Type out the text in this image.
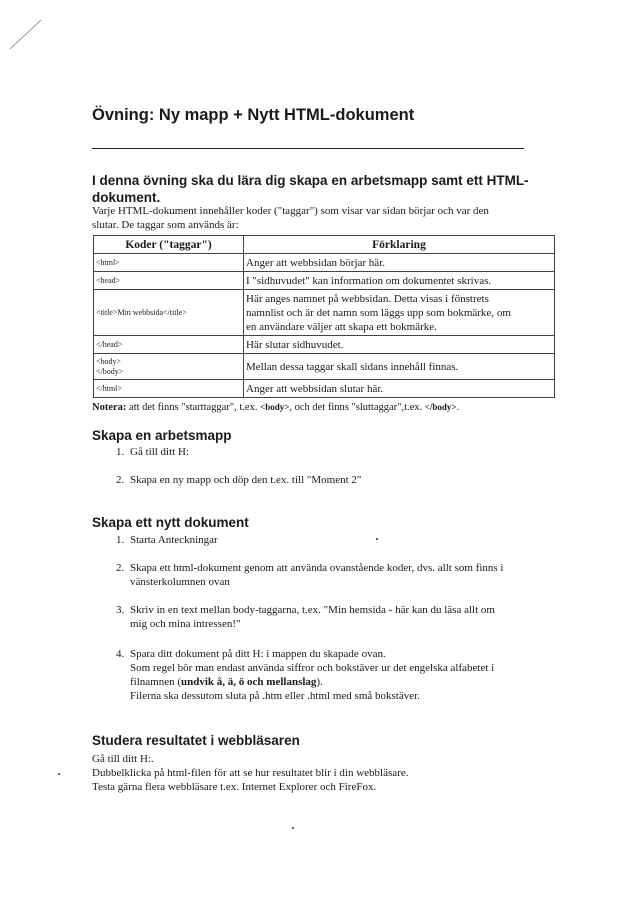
Övning: Ny mapp + Nytt HTML-dokument
I denna övning ska du lära dig skapa en arbetsmapp samt ett HTML-dokument.

Varje HTML-dokument innehåller koder ("taggar") som visar var sidan börjar och var den

slutar. De taggar som används är:

Koder ("taggar")	Förklaring
<html>	Anger att webbsidan börjar här.
<head>	I "sidhuvudet" kan information om dokumentet skrivas.
<title>Min webbsida</title>	Här anges namnet på webbsidan. Detta visas i fönstrets
namnlist och är det namn som läggs upp som bokmärke, om
en användare väljer att skapa ett bokmärke.

</head>	Här slutar sidhuvudet.

<body>
</body>	Mellan dessa taggar skall sidans innehåll finnas.
</html>	Anger att webbsidan slutar här.

Notera: att det finns "starttaggar", t.ex. <body>, och det finns "sluttaggar",t.ex. </body>.

Skapa en arbetsmapp
1. Gå till ditt H:
2. Skapa en ny mapp och döp den t.ex. till "Moment 2"
Skapa ett nytt dokument
1. Starta Anteckningar
2. Skapa ett html-dokument genom att använda ovanstående koder, dvs. allt som finns i
vänsterkolumnen ovan
3. Skriv in en text mellan body-taggarna, t.ex. "Min hemsida - här kan du läsa allt om
mig och mina intressen!"
4. Spara ditt dokument på ditt H: i mappen du skapade ovan.
Som regel bör man endast använda siffror och bokstäver ur det engelska alfabetet i
filnamnen (undvik å, ä, ö och mellanslag).
Filerna ska dessutom sluta på .htm eller .html med små bokstäver.
Studera resultatet i webbläsaren

Gå till ditt H:.

Dubbelklicka på html-filen för att se hur resultatet blir i din webbläsare.

Testa gärna flera webbläsare t.ex. Internet Explorer och FireFox.
